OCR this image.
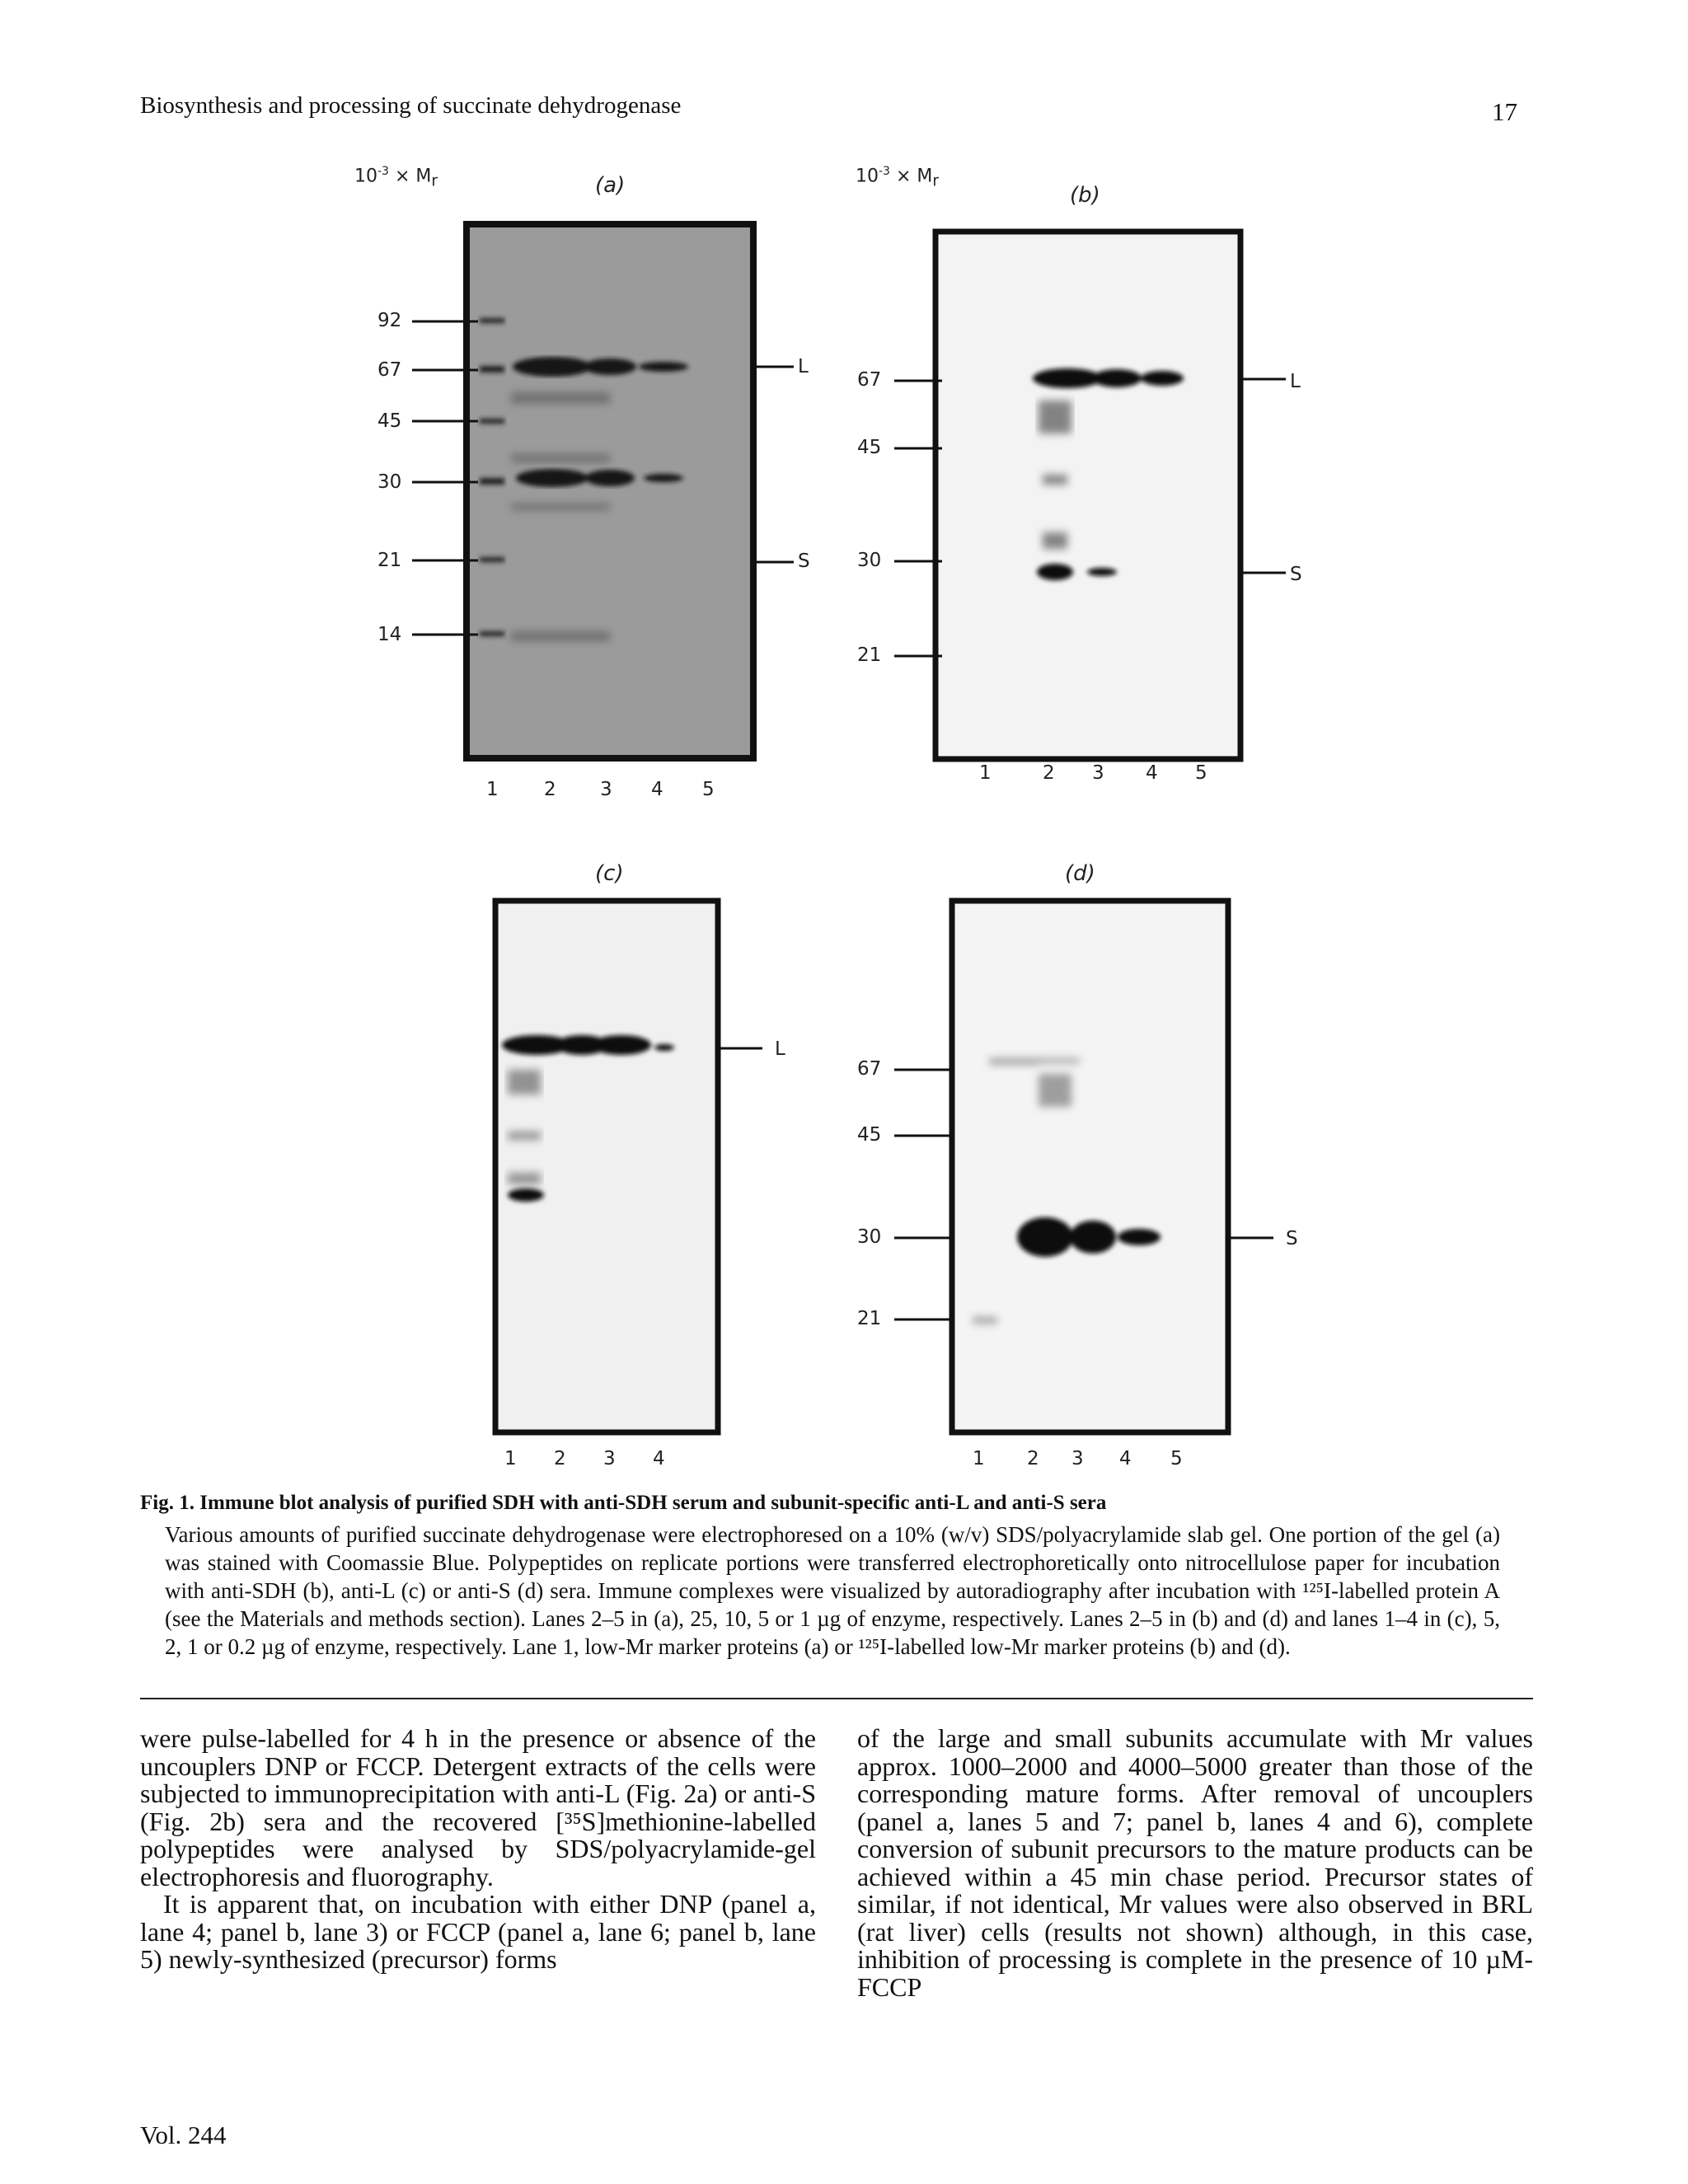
Biosynthesis and processing of succinate dehydrogenase	17
$10^{-3} \times M_r$	$10^{-3} \times M_r$
(a)	(b)
(c)	(d)
92
67
45
30
21
14
L
S
1 2 3 4 5
67
45
30
21
L
S
1	2 3 4 5
L
1 2 3 4
67
45
30
21
S
1 2 3 4 5
Fig. 1. Immune blot analysis of purified SDH with anti-SDH serum and subunit-specific anti-L and anti-S sera
Various amounts of purified succinate dehydrogenase were electrophoresed on a 10% (w/v) SDS/polyacrylamide slab gel. One portion of the gel (a) was stained with Coomassie Blue. Polypeptides on replicate portions were transferred electrophoretically onto nitrocellulose paper for incubation with anti-SDH (b), anti-L (c) or anti-S (d) sera. Immune complexes were visualized by autoradiography after incubation with ¹²⁵I-labelled protein A (see the Materials and methods section). Lanes 2–5 in (a), 25, 10, 5 or 1 µg of enzyme, respectively. Lanes 2–5 in (b) and (d) and lanes 1–4 in (c), 5, 2, 1 or 0.2 µg of enzyme, respectively. Lane 1, low-Mr marker proteins (a) or ¹²⁵I-labelled low-Mr marker proteins (b) and (d).

were pulse-labelled for 4 h in the presence or absence of the uncouplers DNP or FCCP. Detergent extracts of the cells were subjected to immunoprecipitation with anti-L (Fig. 2a) or anti-S (Fig. 2b) sera and the recovered [³⁵S]methionine-labelled polypeptides were analysed by SDS/polyacrylamide-gel electrophoresis and fluorography.

It is apparent that, on incubation with either DNP (panel a, lane 4; panel b, lane 3) or FCCP (panel a, lane 6; panel b, lane 5) newly-synthesized (precursor) forms

of the large and small subunits accumulate with Mr values approx. 1000–2000 and 4000–5000 greater than those of the corresponding mature forms. After removal of uncouplers (panel a, lanes 5 and 7; panel b, lanes 4 and 6), complete conversion of subunit precursors to the mature products can be achieved within a 45 min chase period. Precursor states of similar, if not identical, Mr values were also observed in BRL (rat liver) cells (results not shown) although, in this case, inhibition of processing is complete in the presence of 10 µM-FCCP

Vol. 244
